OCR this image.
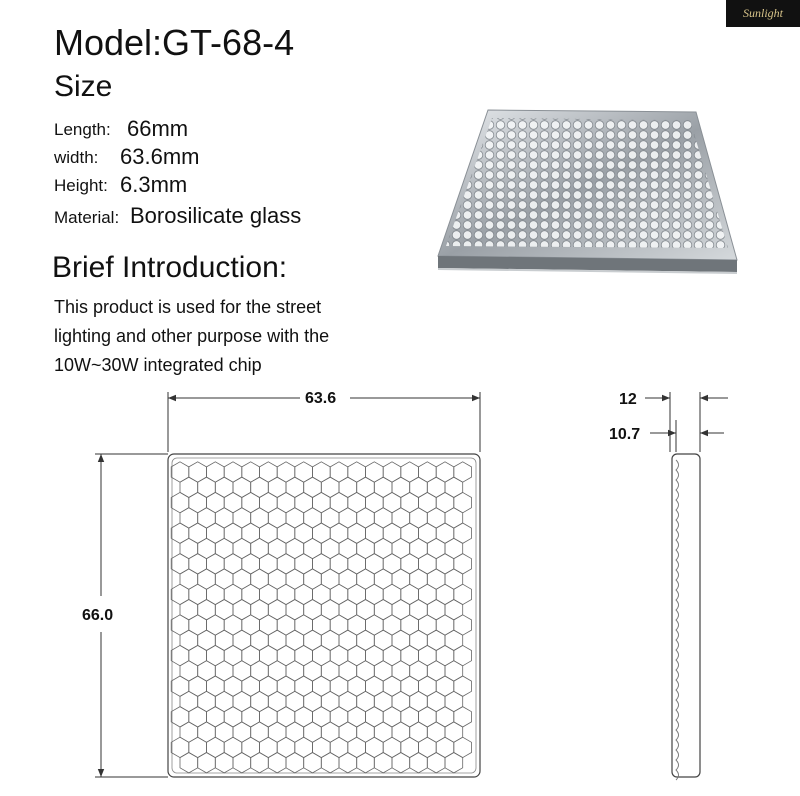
Sunlight
Model:GT-68-4
Size
Length: 66mm
width: 63.6mm
Height: 6.3mm
Material: Borosilicate glass
Brief Introduction:
This product is used for the street
lighting and other purpose with the
10W~30W integrated chip
63.6
66.0
12
10.7
